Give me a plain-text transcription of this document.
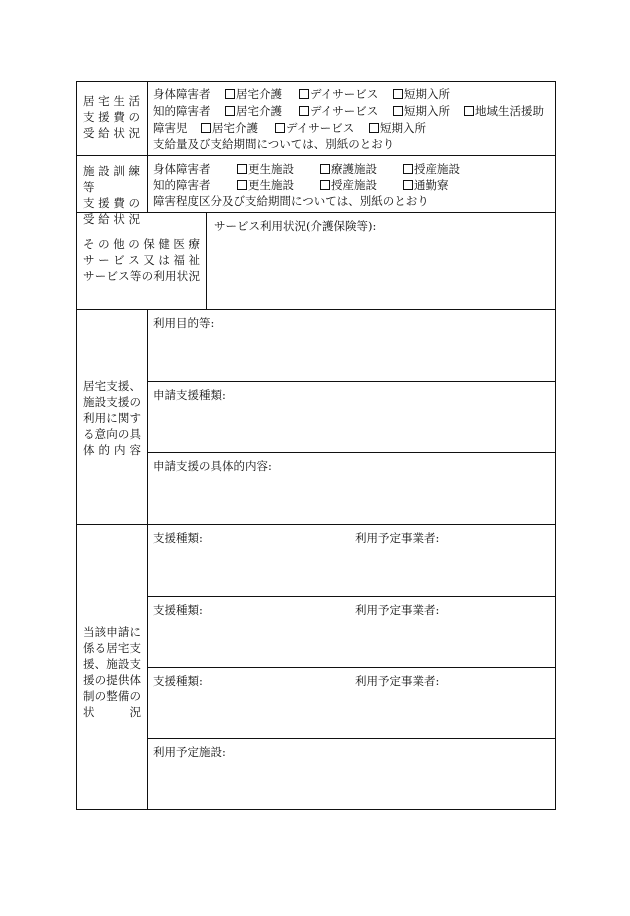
居宅生活
支援費の
受給状況
身体障害者	居宅介護	デイサービス	短期入所
知的障害者	居宅介護	デイサービス	短期入所	地域生活援助
障害児	居宅介護	デイサービス	短期入所
支給量及び支給期間については、別紙のとおり
施設訓練等
支援費の
受給状況
身体障害者	更生施設	療護施設	授産施設
知的障害者	更生施設	授産施設	通勤寮
障害程度区分及び支給期間については、別紙のとおり
その他の保健医療
サービス又は福祉
サービス等の利用状況
サービス利用状況(介護保険等):
居宅支援、
施設支援の
利用に関す
る意向の具
体的内容
利用目的等:
申請支援種類:
申請支援の具体的内容:
当該申請に
係る居宅支
援、施設支
援の提供体
制の整備の
状　況
支援種類:	利用予定事業者:
支援種類:	利用予定事業者:
支援種類:	利用予定事業者:
利用予定施設:
